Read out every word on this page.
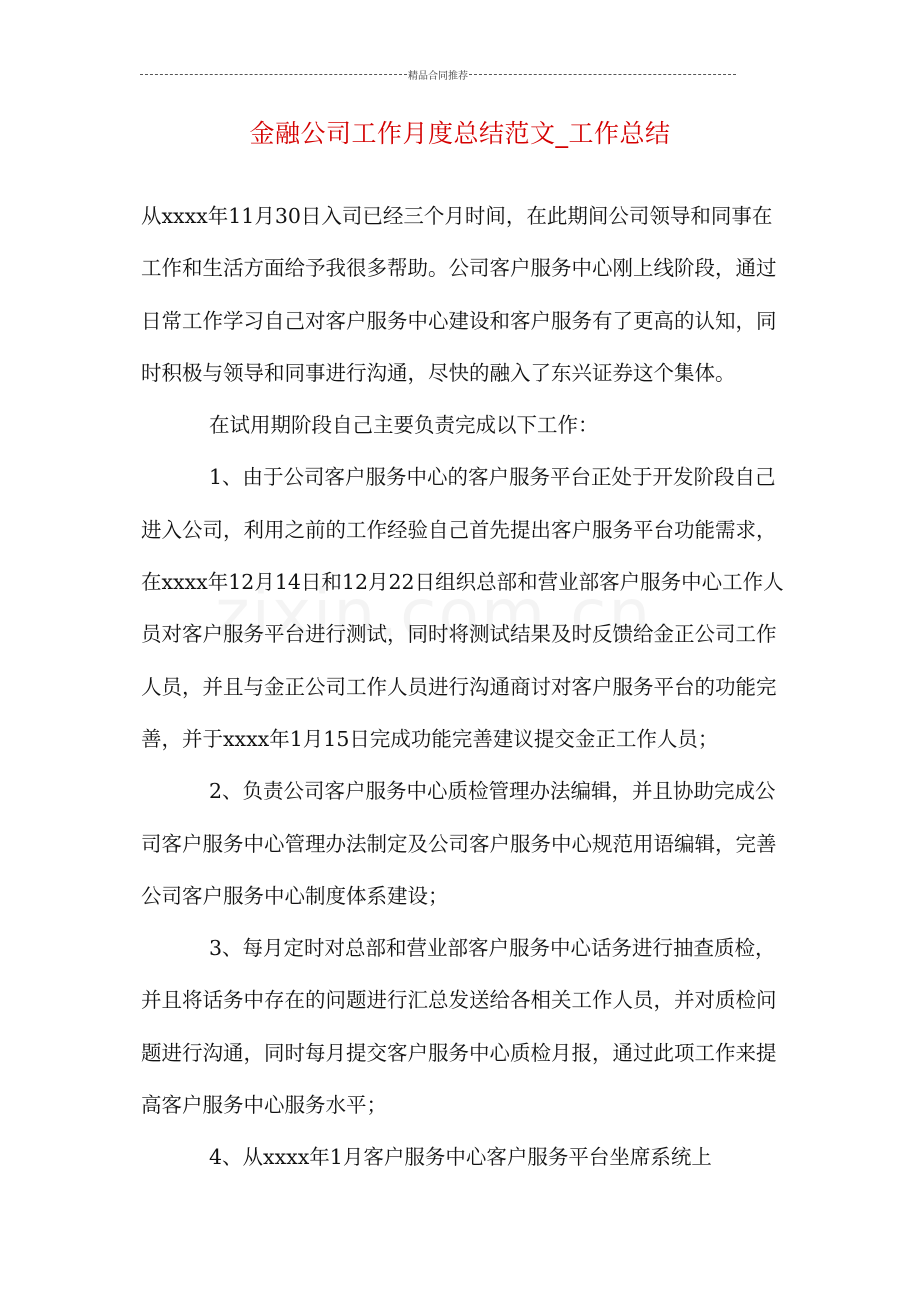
精品合同推荐
金融公司工作月度总结范文_工作总结

从xxxx年11月30日入司已经三个月时间，在此期间公司领导和同事在工作和生活方面给予我很多帮助。公司客户服务中心刚上线阶段，通过日常工作学习自己对客户服务中心建设和客户服务有了更高的认知，同时积极与领导和同事进行沟通，尽快的融入了东兴证券这个集体。

在试用期阶段自己主要负责完成以下工作：

1、由于公司客户服务中心的客户服务平台正处于开发阶段自己进入公司，利用之前的工作经验自己首先提出客户服务平台功能需求，在xxxx年12月14日和12月22日组织总部和营业部客户服务中心工作人员对客户服务平台进行测试，同时将测试结果及时反馈给金正公司工作人员，并且与金正公司工作人员进行沟通商讨对客户服务平台的功能完善，并于xxxx年1月15日完成功能完善建议提交金正工作人员；

2、负责公司客户服务中心质检管理办法编辑，并且协助完成公司客户服务中心管理办法制定及公司客户服务中心规范用语编辑，完善公司客户服务中心制度体系建设；

3、每月定时对总部和营业部客户服务中心话务进行抽查质检，并且将话务中存在的问题进行汇总发送给各相关工作人员，并对质检问题进行沟通，同时每月提交客户服务中心质检月报，通过此项工作来提高客户服务中心服务水平；

4、从xxxx年1月客户服务中心客户服务平台坐席系统上
